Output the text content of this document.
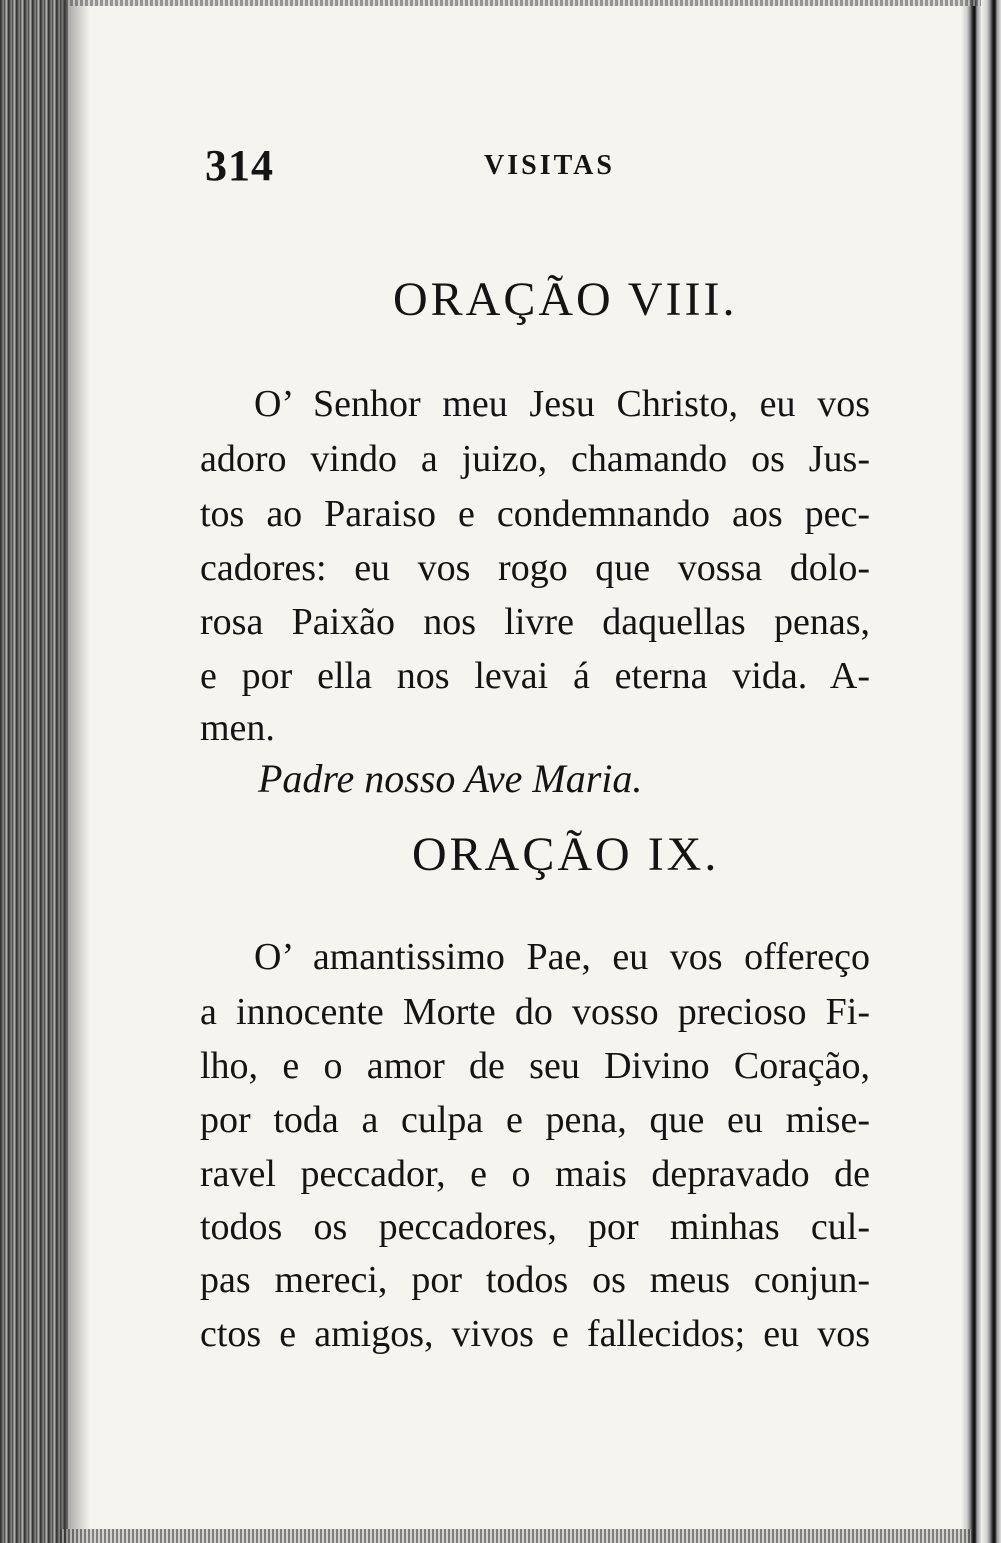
314	VISITAS
ORAÇÃO VIII.
O’ Senhor meu Jesu Christo, eu vos
adoro vindo a juizo, chamando os Jus-
tos ao Paraiso e condemnando aos pec-
cadores: eu vos rogo que vossa dolo-
rosa Paixão nos livre daquellas penas,
e por ella nos levai á eterna vida. A-
men.
Padre nosso Ave Maria.
ORAÇÃO IX.
O’ amantissimo Pae, eu vos offereço
a innocente Morte do vosso precioso Fi-
lho, e o amor de seu Divino Coração,
por toda a culpa e pena, que eu mise-
ravel peccador, e o mais depravado de
todos os peccadores, por minhas cul-
pas mereci, por todos os meus conjun-
ctos e amigos, vivos e fallecidos; eu vos
